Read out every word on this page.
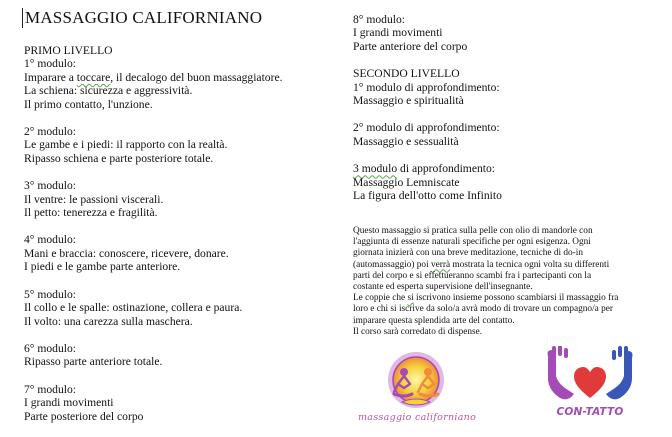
MASSAGGIO CALIFORNIANO
PRIMO LIVELLO
1° modulo:
Imparare a toccare, il decalogo del buon massaggiatore.
La schiena: sicurezza e aggressività.
Il primo contatto, l'unzione.
2° modulo:
Le gambe e i piedi: il rapporto con la realtà.
Ripasso schiena e parte posteriore totale.
3° modulo:
Il ventre: le passioni viscerali.
Il petto: tenerezza e fragilità.
4° modulo:
Mani e braccia: conoscere, ricevere, donare.
I piedi e le gambe parte anteriore.
5° modulo:
Il collo e le spalle: ostinazione, collera e paura.
Il volto: una carezza sulla maschera.
6° modulo:
Ripasso parte anteriore totale.
7° modulo:
I grandi movimenti
Parte posteriore del corpo
8° modulo:
I grandi movimenti
Parte anteriore del corpo
SECONDO LIVELLO
1° modulo di approfondimento:
Massaggio e spiritualità
2° modulo di approfondimento:
Massaggio e sessualità
3 modulo di approfondimento:
Massaggio Lemniscate
La figura dell'otto come Infinito
Questo massaggio si pratica sulla pelle con olio di mandorle con
l'aggiunta di essenze naturali specifiche per ogni esigenza. Ogni
giornata inizierà con una breve meditazione, tecniche di do-in
(automassaggio) poi verrà mostrata la tecnica ogni volta su differenti
parti del corpo e si effettueranno scambi fra i partecipanti con la
costante ed esperta supervisione dell'insegnante.
Le coppie che si iscrivono insieme possono scambiarsi il massaggio fra
loro e chi si iscrive da solo/a avrà modo di trovare un compagno/a per
imparare questa splendida arte del contatto.
Il corso sarà corredato di dispense.
massaggio californiano	CON-TATTO
